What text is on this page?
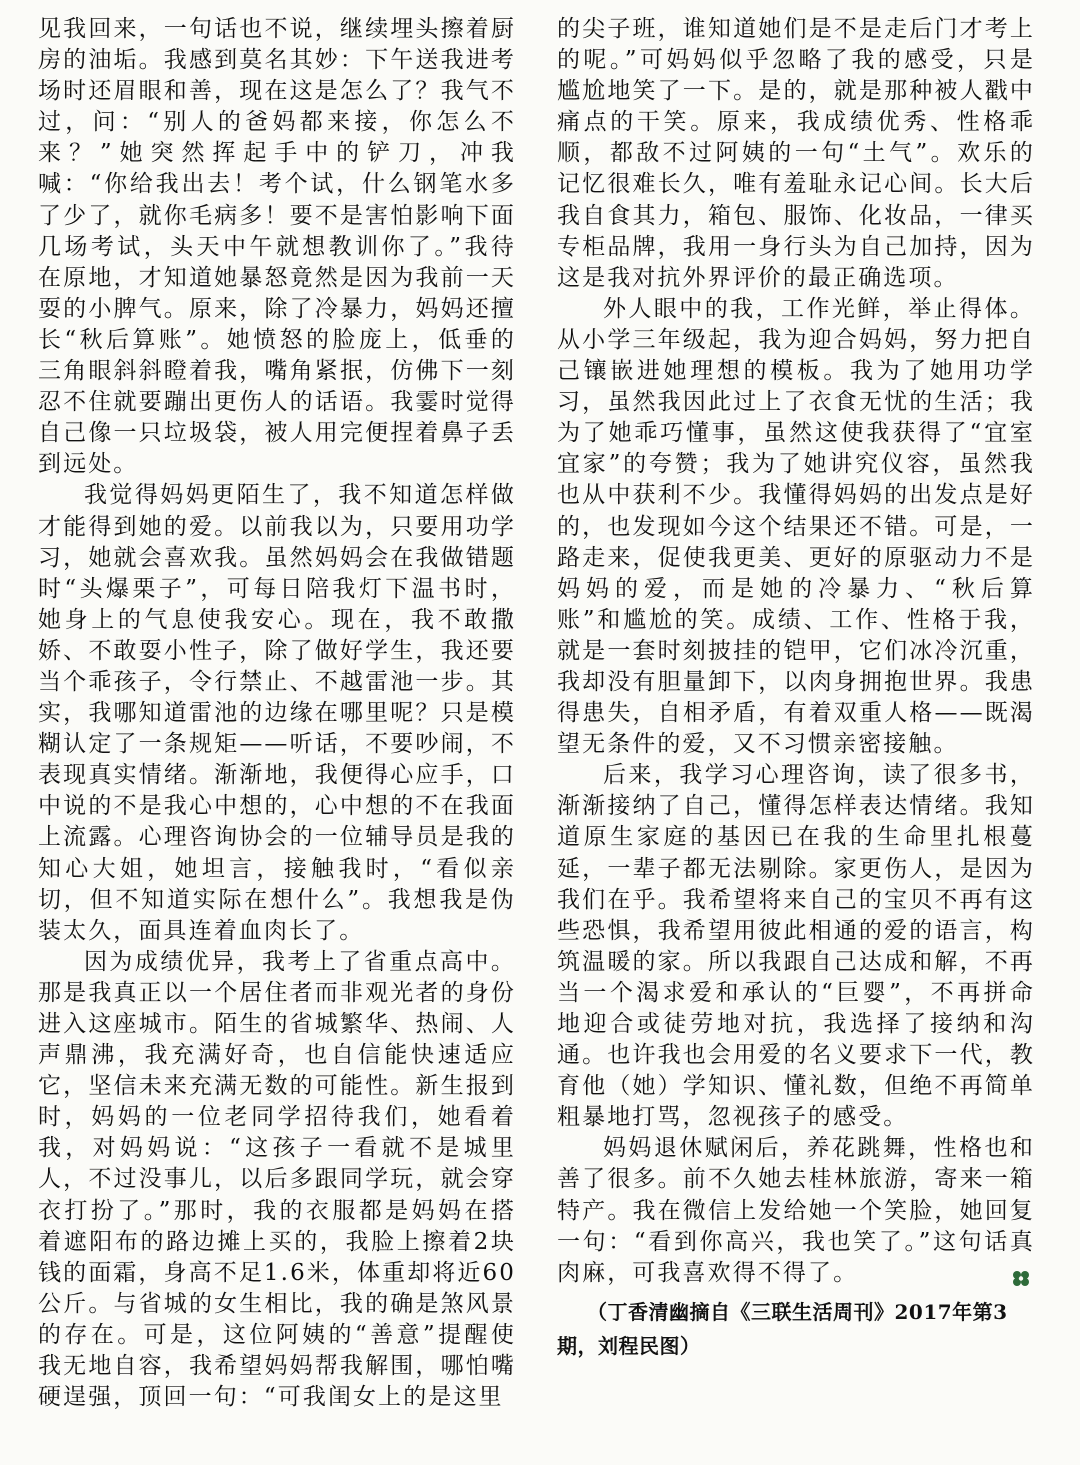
见我回来，一句话也不说，继续埋头擦着厨房的油垢。我感到莫名其妙：下午送我进考场时还眉眼和善，现在这是怎么了？我气不过，问：“别人的爸妈都来接，你怎么不来？”她突然挥起手中的铲刀，冲我喊：“你给我出去！考个试，什么钢笔水多了少了，就你毛病多！要不是害怕影响下面几场考试，头天中午就想教训你了。”我待在原地，才知道她暴怒竟然是因为我前一天耍的小脾气。原来，除了冷暴力，妈妈还擅长“秋后算账”。她愤怒的脸庞上，低垂的三角眼斜斜瞪着我，嘴角紧抿，仿佛下一刻忍不住就要蹦出更伤人的话语。我霎时觉得自己像一只垃圾袋，被人用完便捏着鼻子丢到远处。

我觉得妈妈更陌生了，我不知道怎样做才能得到她的爱。以前我以为，只要用功学习，她就会喜欢我。虽然妈妈会在我做错题时“头爆栗子”，可每日陪我灯下温书时，她身上的气息使我安心。现在，我不敢撒娇、不敢耍小性子，除了做好学生，我还要当个乖孩子，令行禁止、不越雷池一步。其实，我哪知道雷池的边缘在哪里呢？只是模糊认定了一条规矩——听话，不要吵闹，不表现真实情绪。渐渐地，我便得心应手，口中说的不是我心中想的，心中想的不在我面上流露。心理咨询协会的一位辅导员是我的知心大姐，她坦言，接触我时，“看似亲切，但不知道实际在想什么”。我想我是伪装太久，面具连着血肉长了。

因为成绩优异，我考上了省重点高中。那是我真正以一个居住者而非观光者的身份进入这座城市。陌生的省城繁华、热闹、人声鼎沸，我充满好奇，也自信能快速适应它，坚信未来充满无数的可能性。新生报到时，妈妈的一位老同学招待我们，她看着我，对妈妈说：“这孩子一看就不是城里人，不过没事儿，以后多跟同学玩，就会穿衣打扮了。”那时，我的衣服都是妈妈在搭着遮阳布的路边摊上买的，我脸上擦着2块钱的面霜，身高不足1.6米，体重却将近60公斤。与省城的女生相比，我的确是煞风景的存在。可是，这位阿姨的“善意”提醒使我无地自容，我希望妈妈帮我解围，哪怕嘴硬逞强，顶回一句：“可我闺女上的是这里

的尖子班，谁知道她们是不是走后门才考上的呢。”可妈妈似乎忽略了我的感受，只是尴尬地笑了一下。是的，就是那种被人戳中痛点的干笑。原来，我成绩优秀、性格乖顺，都敌不过阿姨的一句“土气”。欢乐的记忆很难长久，唯有羞耻永记心间。长大后我自食其力，箱包、服饰、化妆品，一律买专柜品牌，我用一身行头为自己加持，因为这是我对抗外界评价的最正确选项。

外人眼中的我，工作光鲜，举止得体。从小学三年级起，我为迎合妈妈，努力把自己镶嵌进她理想的模板。我为了她用功学习，虽然我因此过上了衣食无忧的生活；我为了她乖巧懂事，虽然这使我获得了“宜室宜家”的夸赞；我为了她讲究仪容，虽然我也从中获利不少。我懂得妈妈的出发点是好的，也发现如今这个结果还不错。可是，一路走来，促使我更美、更好的原驱动力不是妈妈的爱，而是她的冷暴力、“秋后算账”和尴尬的笑。成绩、工作、性格于我，就是一套时刻披挂的铠甲，它们冰冷沉重，我却没有胆量卸下，以肉身拥抱世界。我患得患失，自相矛盾，有着双重人格——既渴望无条件的爱，又不习惯亲密接触。

后来，我学习心理咨询，读了很多书，渐渐接纳了自己，懂得怎样表达情绪。我知道原生家庭的基因已在我的生命里扎根蔓延，一辈子都无法剔除。家更伤人，是因为我们在乎。我希望将来自己的宝贝不再有这些恐惧，我希望用彼此相通的爱的语言，构筑温暖的家。所以我跟自己达成和解，不再当一个渴求爱和承认的“巨婴”，不再拼命地迎合或徒劳地对抗，我选择了接纳和沟通。也许我也会用爱的名义要求下一代，教育他（她）学知识、懂礼数，但绝不再简单粗暴地打骂，忽视孩子的感受。

妈妈退休赋闲后，养花跳舞，性格也和善了很多。前不久她去桂林旅游，寄来一箱特产。我在微信上发给她一个笑脸，她回复一句：“看到你高兴，我也笑了。”这句话真肉麻，可我喜欢得不得了。

（丁香清幽摘自《三联生活周刊》2017年第3期，刘程民图）
